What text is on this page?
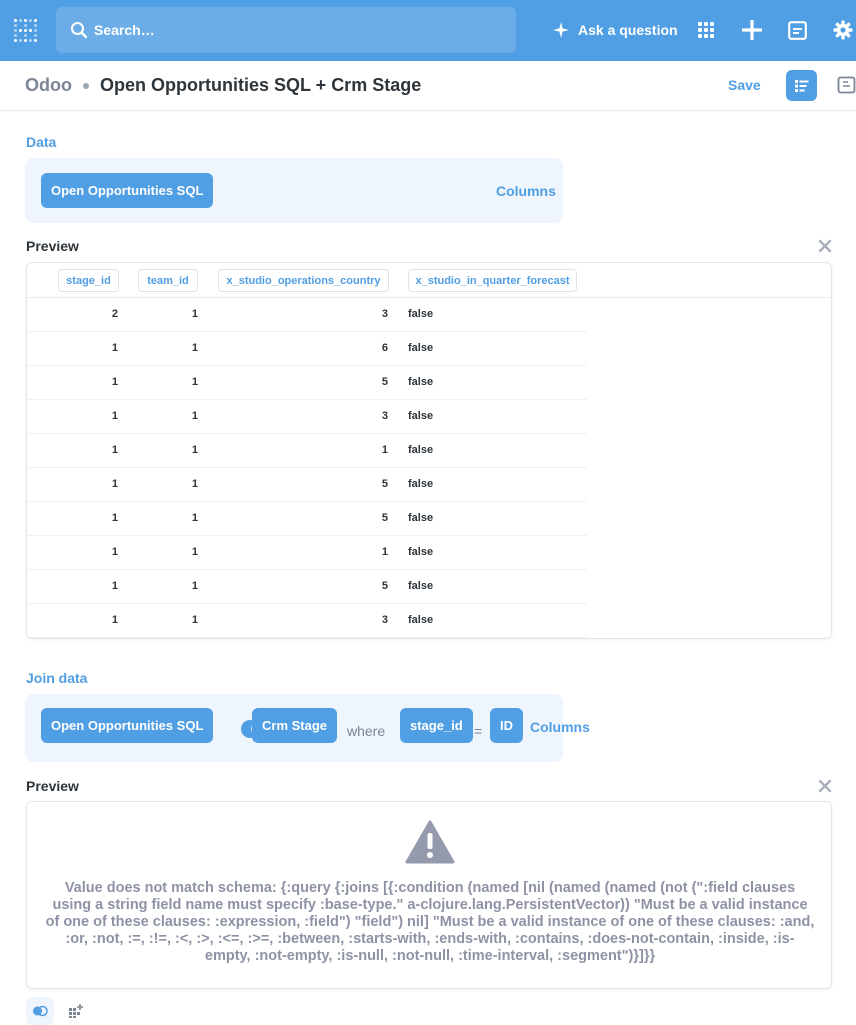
Search…
Ask a question
Odoo Open Opportunities SQL + Crm Stage	Save
Data
Open Opportunities SQL	Columns
Preview
stage_id	team_id	x_studio_operations_country	x_studio_in_quarter_forecast
2	1	3 false
1	1	6 false
1	1	5 false
1	1	3 false
1	1	1 false
1	1	5 false
1	1	5 false
1	1	1 false
1	1	5 false
1	1	3 false
Join data
Open Opportunities SQL	Crm Stage	where	stage_id =	ID	Columns
Preview
Value does not match schema: {:query {:joins [{:condition (named [nil (named (named (not (":field clauses using a string field name must specify :base-type." a-clojure.lang.PersistentVector)) "Must be a valid instance of one of these clauses: :expression, :field") "field") nil] "Must be a valid instance of one of these clauses: :and, :or, :not, :=, :!=, :<, :>, :<=, :>=, :between, :starts-with, :ends-with, :contains, :does-not-contain, :inside, :is-empty, :not-empty, :is-null, :not-null, :time-interval, :segment")}]}}
